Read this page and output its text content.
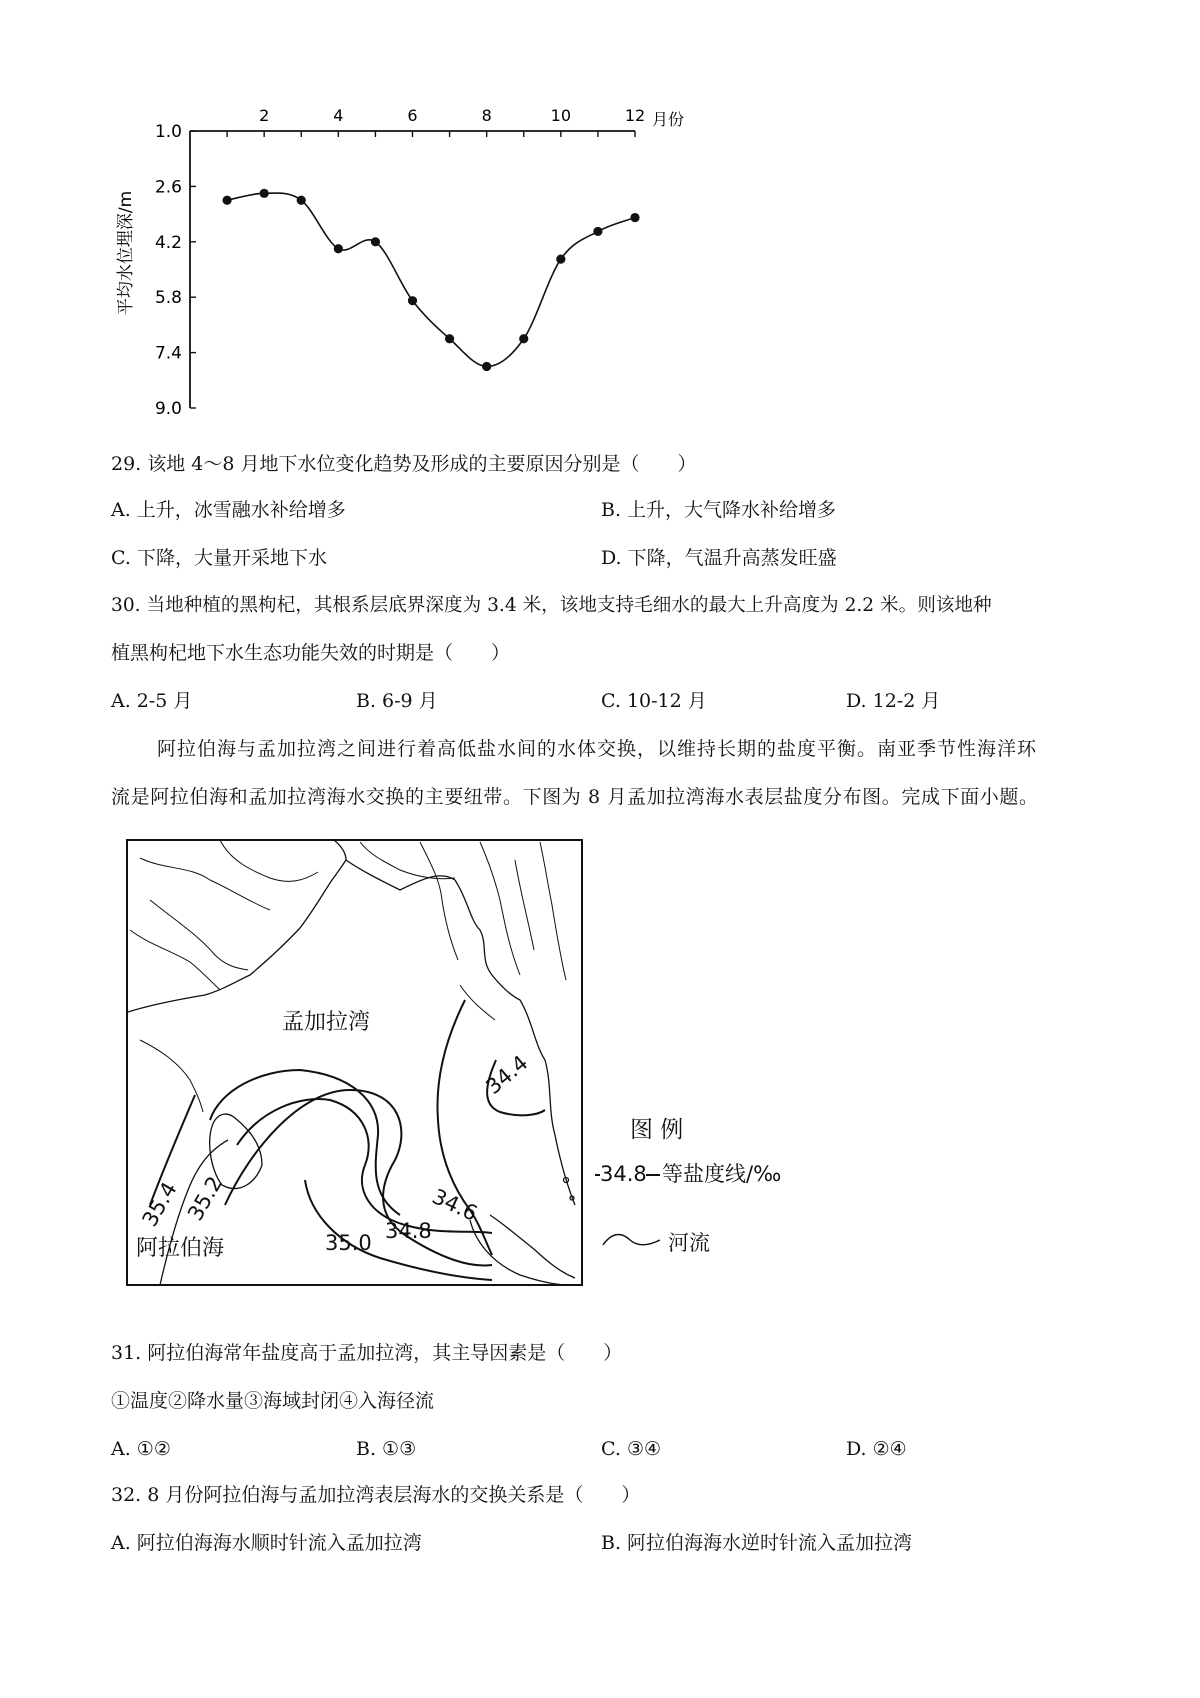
2	4	6	8	10	12
1.0
2.6
4.2
5.8
7.4
9.0
月份
平均水位埋深/m
29. 该地 4～8 月地下水位变化趋势及形成的主要原因分别是（　　）
A. 上升，冰雪融水补给增多	B. 上升，大气降水补给增多
C. 下降，大量开采地下水	D. 下降，气温升高蒸发旺盛
30. 当地种植的黑枸杞，其根系层底界深度为 3.4 米，该地支持毛细水的最大上升高度为 2.2 米。则该地种
植黑枸杞地下水生态功能失效的时期是（　　）
A. 2-5 月	B. 6-9 月	C. 10-12 月	D. 12-2 月
阿拉伯海与孟加拉湾之间进行着高低盐水间的水体交换，以维持长期的盐度平衡。南亚季节性海洋环
流是阿拉伯海和孟加拉湾海水交换的主要纽带。下图为 8 月孟加拉湾海水表层盐度分布图。完成下面小题。
孟加拉湾
阿拉伯海
34.4
34.6
34.8
35.0
35.2
35.4
图 例
34.8 等盐度线/‰
河流
31. 阿拉伯海常年盐度高于孟加拉湾，其主导因素是（　　）
①温度②降水量③海域封闭④入海径流
A. ①②	B. ①③	C. ③④	D. ②④
32. 8 月份阿拉伯海与孟加拉湾表层海水的交换关系是（　　）
A. 阿拉伯海海水顺时针流入孟加拉湾	B. 阿拉伯海海水逆时针流入孟加拉湾
